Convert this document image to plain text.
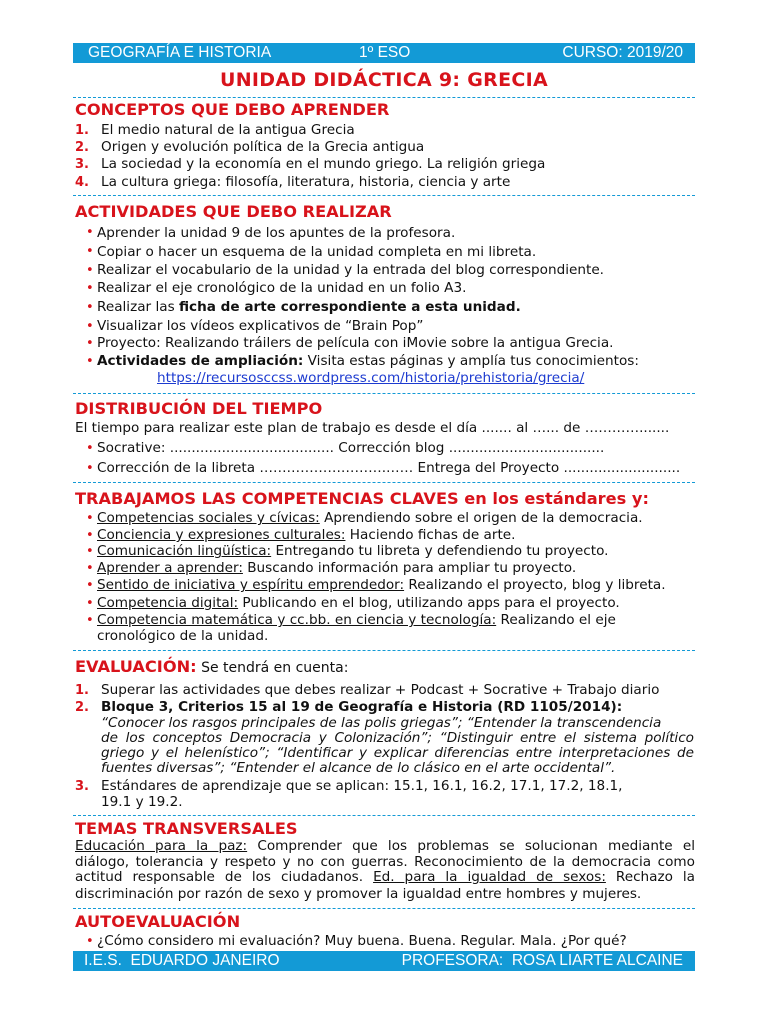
GEOGRAFÍA E HISTORIA	1º ESO	CURSO: 2019/20
UNIDAD DIDÁCTICA 9: GRECIA
CONCEPTOS QUE DEBO APRENDER
1. El medio natural de la antigua Grecia
2. Origen y evolución política de la Grecia antigua
3. La sociedad y la economía en el mundo griego. La religión griega
4. La cultura griega: filosofía, literatura, historia, ciencia y arte
ACTIVIDADES QUE DEBO REALIZAR
• Aprender la unidad 9 de los apuntes de la profesora.
• Copiar o hacer un esquema de la unidad completa en mi libreta.
• Realizar el vocabulario de la unidad y la entrada del blog correspondiente.
• Realizar el eje cronológico de la unidad en un folio A3.
• Realizar las ficha de arte correspondiente a esta unidad.
• Visualizar los vídeos explicativos de “Brain Pop”
• Proyecto: Realizando tráilers de película con iMovie sobre la antigua Grecia.
• Actividades de ampliación: Visita estas páginas y amplía tus conocimientos:
https://recursosccss.wordpress.com/historia/prehistoria/grecia/
DISTRIBUCIÓN DEL TIEMPO
El tiempo para realizar este plan de trabajo es desde el día ....... al …... de ………….......
• Socrative: ...................................... Corrección blog ....................................
• Corrección de la libreta ……………………….…… Entrega del Proyecto ...........................
TRABAJAMOS LAS COMPETENCIAS CLAVES en los estándares y:
• Competencias sociales y cívicas: Aprendiendo sobre el origen de la democracia.
• Conciencia y expresiones culturales: Haciendo fichas de arte.
• Comunicación lingüística: Entregando tu libreta y defendiendo tu proyecto.
• Aprender a aprender: Buscando información para ampliar tu proyecto.
• Sentido de iniciativa y espíritu emprendedor: Realizando el proyecto, blog y libreta.
• Competencia digital: Publicando en el blog, utilizando apps para el proyecto.
• Competencia matemática y cc.bb. en ciencia y tecnología: Realizando el eje
cronológico de la unidad.
EVALUACIÓN: Se tendrá en cuenta:
1. Superar las actividades que debes realizar + Podcast + Socrative + Trabajo diario
2. Bloque 3, Criterios 15 al 19 de Geografía e Historia (RD 1105/2014):
“Conocer los rasgos principales de las polis griegas”; “Entender la transcendencia
de los conceptos Democracia y Colonización”; “Distinguir entre el sistema político
griego y el helenístico”; “Identificar y explicar diferencias entre interpretaciones de
fuentes diversas”; “Entender el alcance de lo clásico en el arte occidental”.
3. Estándares de aprendizaje que se aplican: 15.1, 16.1, 16.2, 17.1, 17.2, 18.1,
19.1 y 19.2.
TEMAS TRANSVERSALES
Educación para la paz: Comprender que los problemas se solucionan mediante el
diálogo, tolerancia y respeto y no con guerras. Reconocimiento de la democracia como
actitud responsable de los ciudadanos. Ed. para la igualdad de sexos: Rechazo la
discriminación por razón de sexo y promover la igualdad entre hombres y mujeres.
AUTOEVALUACIÓN
• ¿Cómo considero mi evaluación? Muy buena. Buena. Regular. Mala. ¿Por qué?
I.E.S.  EDUARDO JANEIRO	PROFESORA:  ROSA LIARTE ALCAINE
